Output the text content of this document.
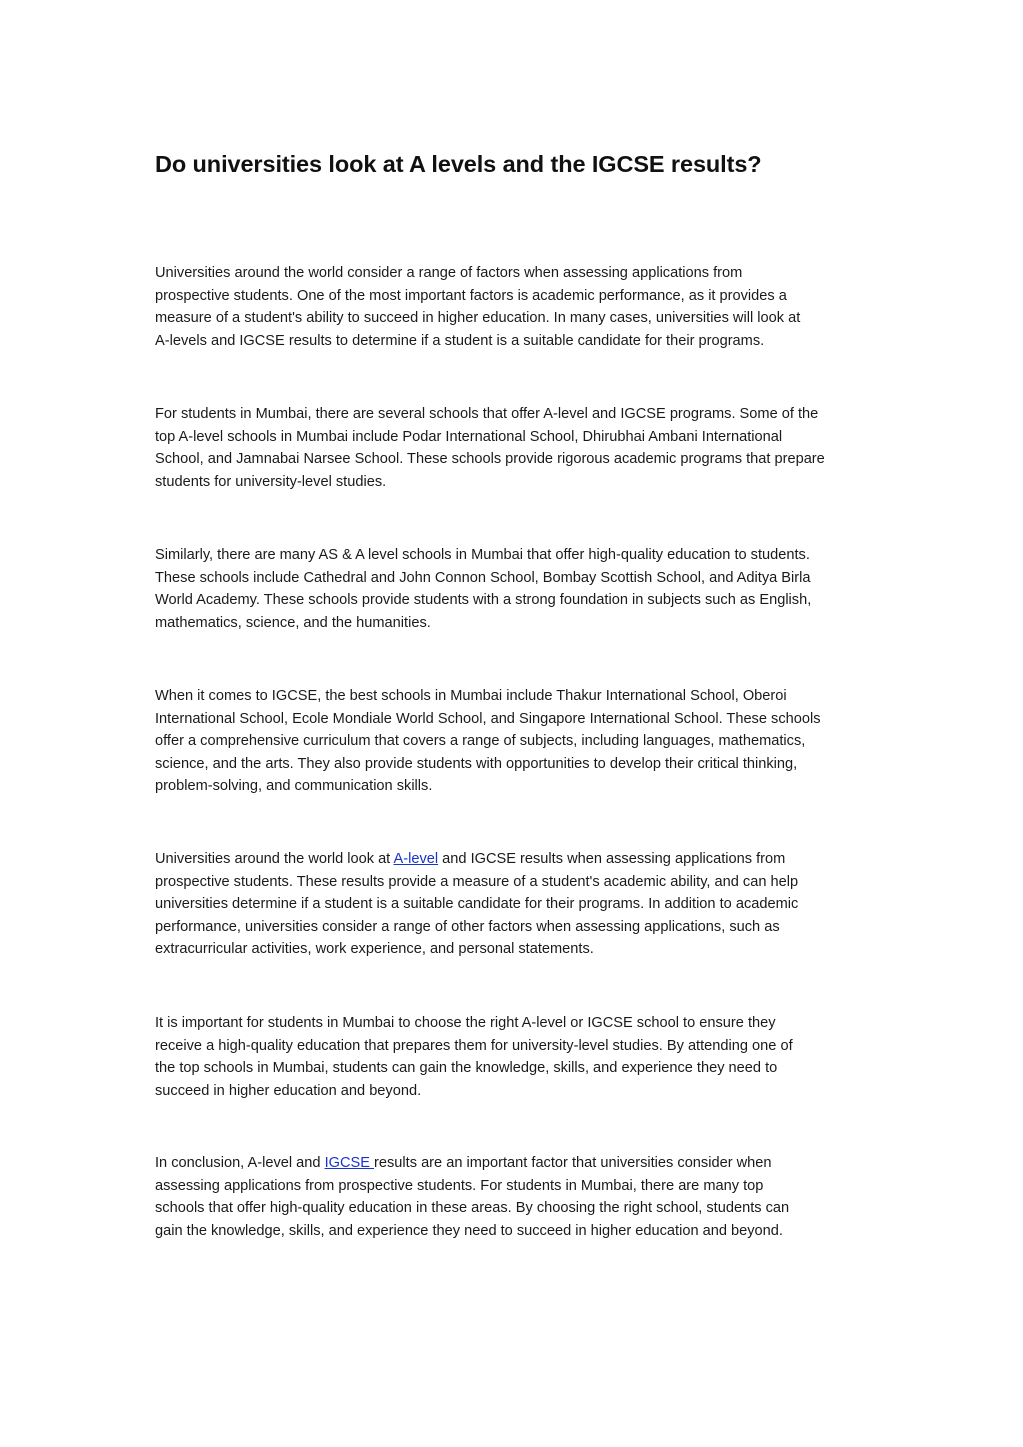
Do universities look at A levels and the IGCSE results?

Universities around the world consider a range of factors when assessing applications from
prospective students. One of the most important factors is academic performance, as it provides a
measure of a student's ability to succeed in higher education. In many cases, universities will look at
A-levels and IGCSE results to determine if a student is a suitable candidate for their programs.

For students in Mumbai, there are several schools that offer A-level and IGCSE programs. Some of the
top A-level schools in Mumbai include Podar International School, Dhirubhai Ambani International
School, and Jamnabai Narsee School. These schools provide rigorous academic programs that prepare
students for university-level studies.

Similarly, there are many AS & A level schools in Mumbai that offer high-quality education to students.
These schools include Cathedral and John Connon School, Bombay Scottish School, and Aditya Birla
World Academy. These schools provide students with a strong foundation in subjects such as English,
mathematics, science, and the humanities.

When it comes to IGCSE, the best schools in Mumbai include Thakur International School, Oberoi
International School, Ecole Mondiale World School, and Singapore International School. These schools
offer a comprehensive curriculum that covers a range of subjects, including languages, mathematics,
science, and the arts. They also provide students with opportunities to develop their critical thinking,
problem-solving, and communication skills.

Universities around the world look at A-level and IGCSE results when assessing applications from
prospective students. These results provide a measure of a student's academic ability, and can help
universities determine if a student is a suitable candidate for their programs. In addition to academic
performance, universities consider a range of other factors when assessing applications, such as
extracurricular activities, work experience, and personal statements.

It is important for students in Mumbai to choose the right A-level or IGCSE school to ensure they
receive a high-quality education that prepares them for university-level studies. By attending one of
the top schools in Mumbai, students can gain the knowledge, skills, and experience they need to
succeed in higher education and beyond.

In conclusion, A-level and IGCSE results are an important factor that universities consider when
assessing applications from prospective students. For students in Mumbai, there are many top
schools that offer high-quality education in these areas. By choosing the right school, students can
gain the knowledge, skills, and experience they need to succeed in higher education and beyond.
